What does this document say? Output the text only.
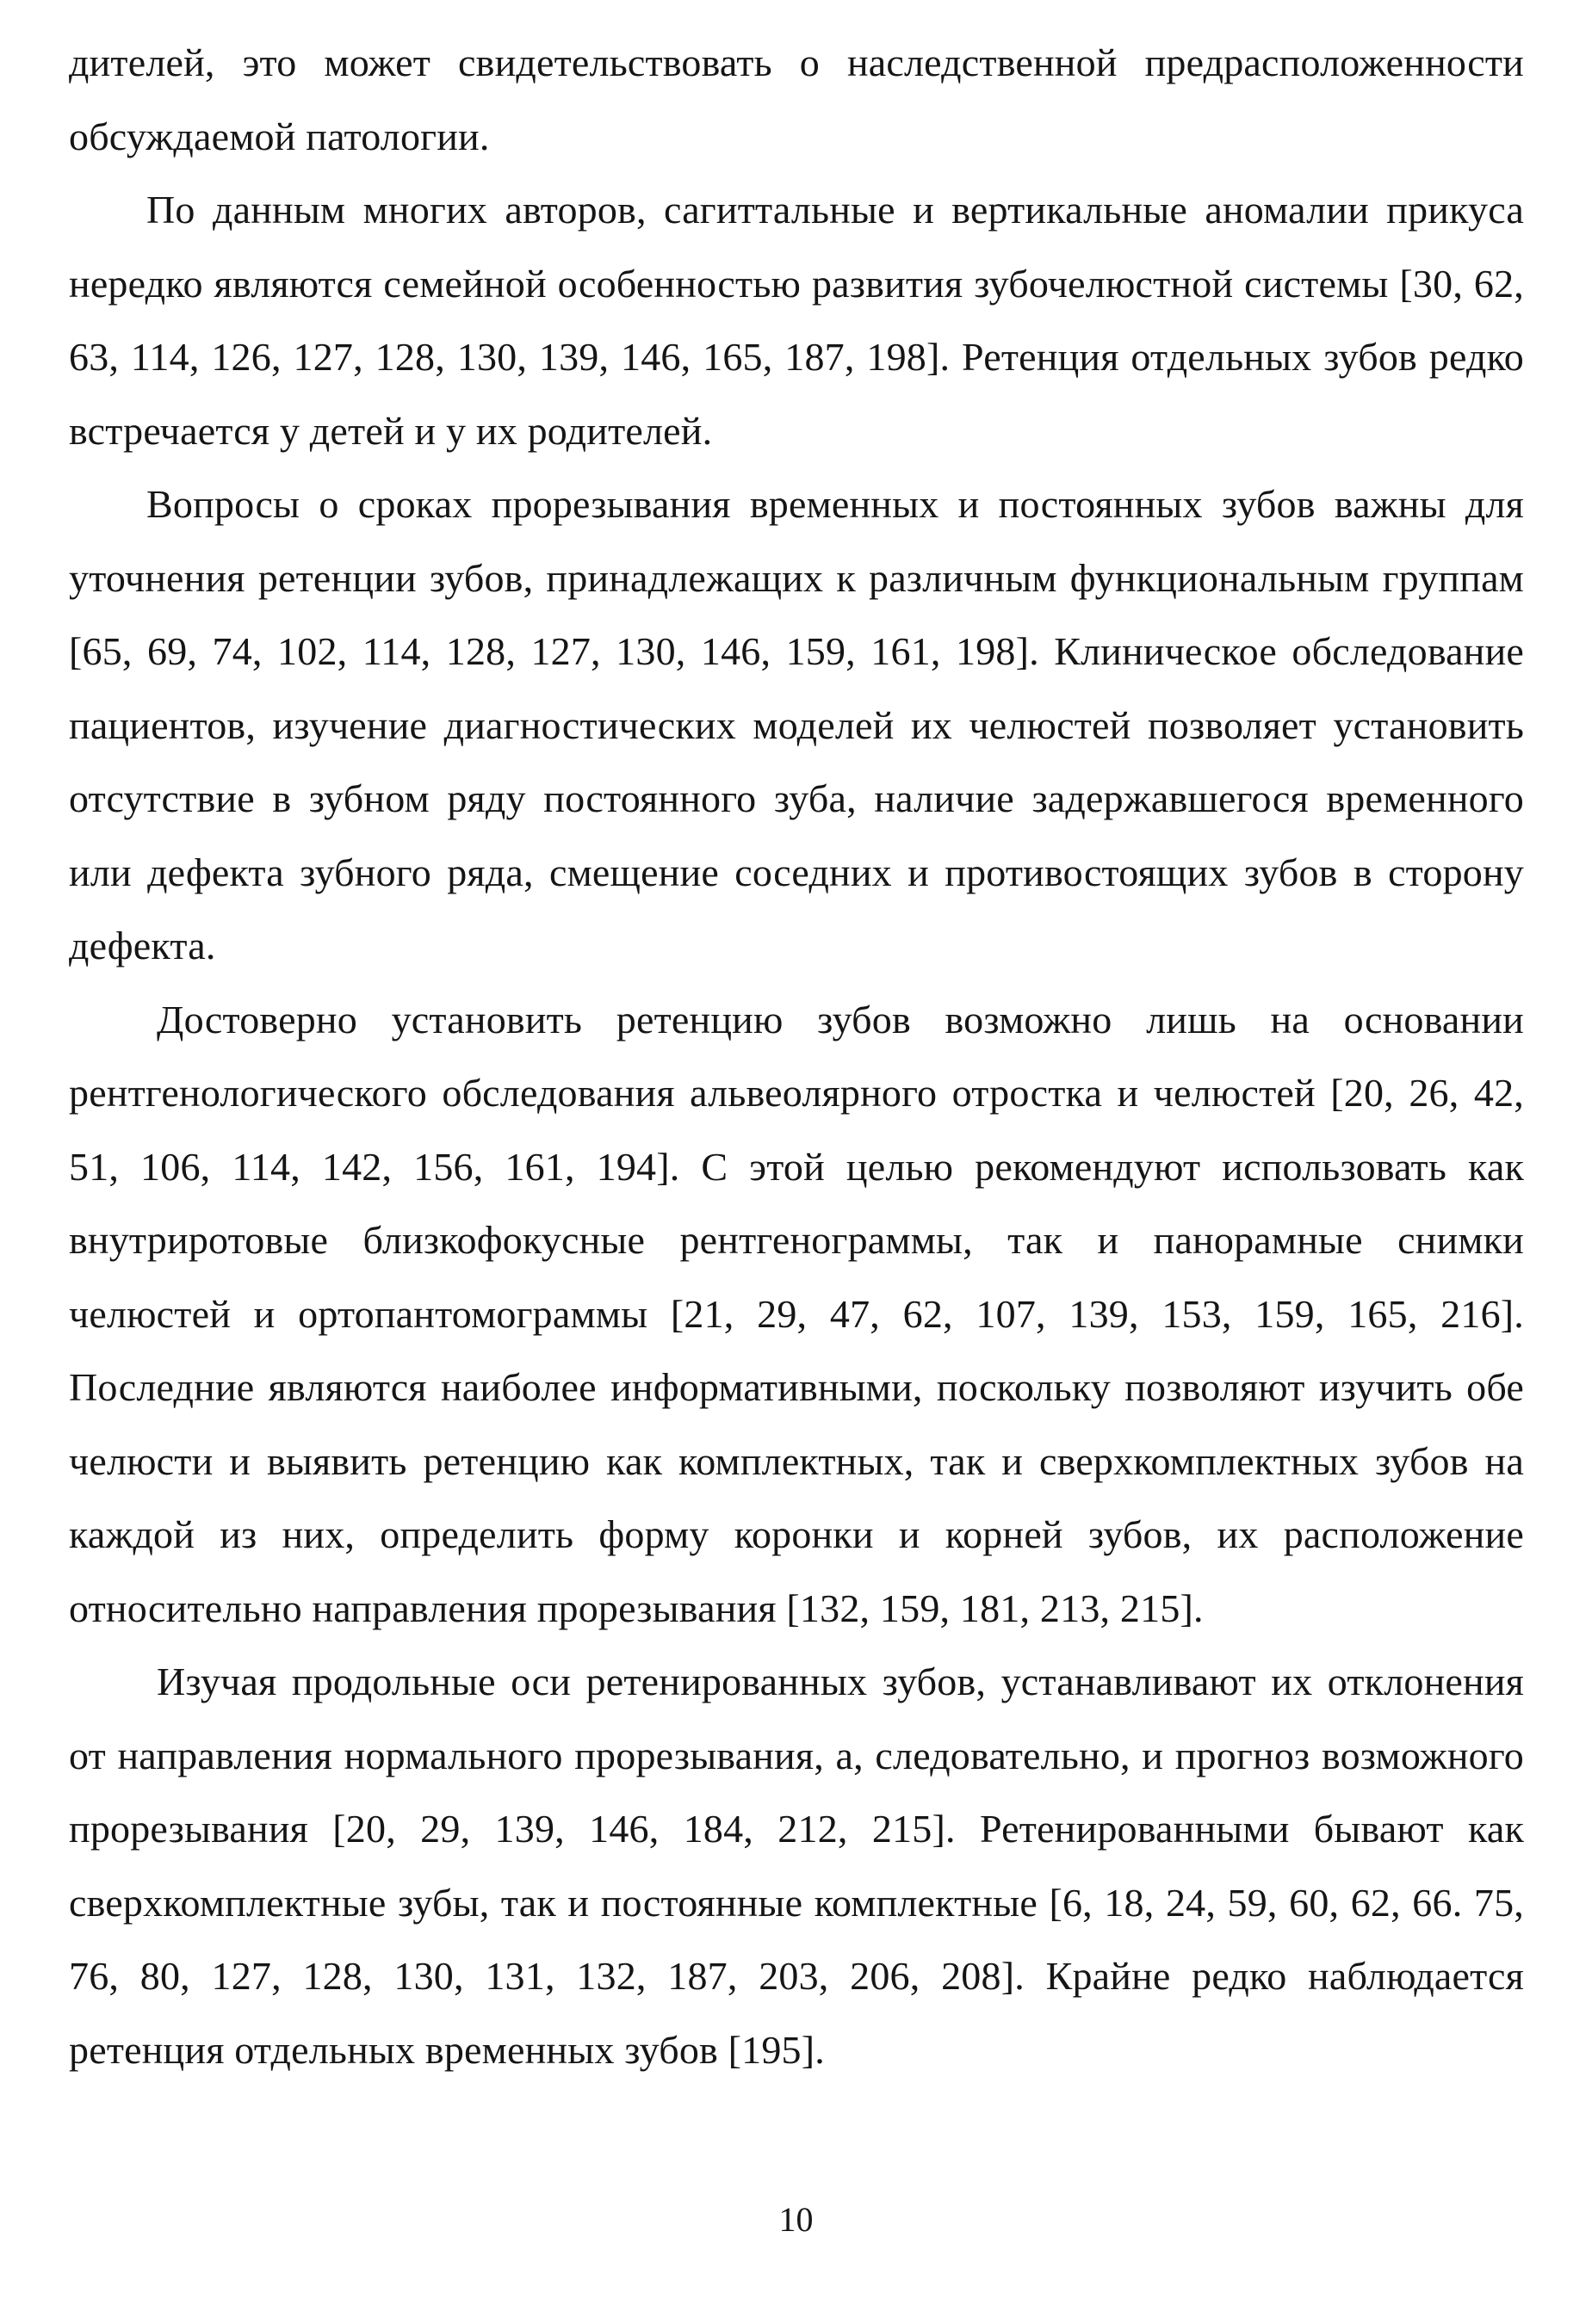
дителей, это может свидетельствовать о наследственной предрасположенности обсуждаемой патологии.

По данным многих авторов, сагиттальные и вертикальные аномалии прикуса нередко являются семейной особенностью развития зубочелюстной системы [30, 62, 63, 114, 126, 127, 128, 130, 139, 146, 165, 187, 198]. Ретенция отдельных зубов редко встречается у детей и у их родителей.

Вопросы о сроках прорезывания временных и постоянных зубов важны для уточнения ретенции зубов, принадлежащих к различным функциональным группам [65, 69, 74, 102, 114, 128, 127, 130, 146, 159, 161, 198]. Клиническое обследование пациентов, изучение диагностических моделей их челюстей позволяет установить отсутствие в зубном ряду постоянного зуба, наличие задержавшегося временного или дефекта зубного ряда, смещение соседних и противостоящих зубов в сторону дефекта.

Достоверно установить ретенцию зубов возможно лишь на основании рентгенологического обследования альвеолярного отростка и челюстей [20, 26, 42, 51, 106, 114, 142, 156, 161, 194]. С этой целью рекомендуют использовать как внутриротовые близкофокусные рентгенограммы, так и панорамные снимки челюстей и ортопантомограммы [21, 29, 47, 62, 107, 139, 153, 159, 165, 216]. Последние являются наиболее информативными, поскольку позволяют изучить обе челюсти и выявить ретенцию как комплектных, так и сверхкомплектных зубов на каждой из них, определить форму коронки и корней зубов, их расположение относительно направления прорезывания [132, 159, 181, 213, 215].

Изучая продольные оси ретенированных зубов, устанавливают их отклонения от направления нормального прорезывания, а, следовательно, и прогноз возможного прорезывания [20, 29, 139, 146, 184, 212, 215]. Ретенированными бывают как сверхкомплектные зубы, так и постоянные комплектные [6, 18, 24, 59, 60, 62, 66. 75, 76, 80, 127, 128, 130, 131, 132, 187, 203, 206, 208]. Крайне редко наблюдается ретенция отдельных временных зубов [195].

10
